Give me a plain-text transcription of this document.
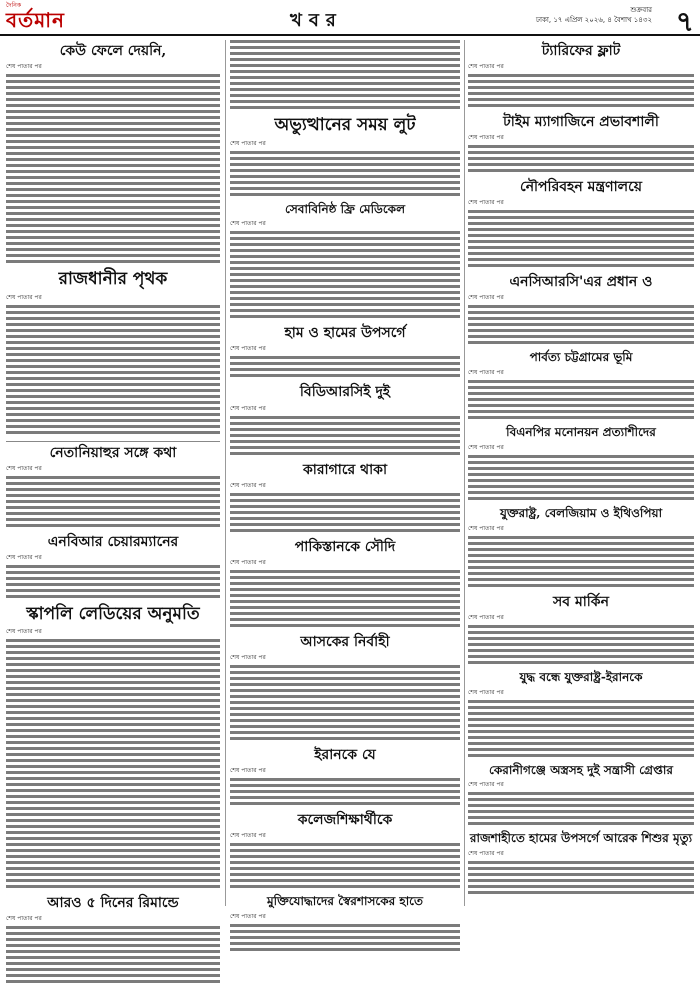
দৈনিক
বর্তমান	খবর	শুক্রবার
ঢাকা, ১৭ এপ্রিল ২০২৬, ৪ বৈশাখ ১৪৩২ ৭
কেউ ফেলে দেয়নি,
শেষ পাতার পর
রাজধানীর পৃথক
শেষ পাতার পর
নেতানিয়াহুর সঙ্গে কথা
শেষ পাতার পর
এনবিআর চেয়ারম্যানের
শেষ পাতার পর
স্কাপলি লেডিয়ের অনুমতি
শেষ পাতার পর
আরও ৫ দিনের রিমান্ডে
শেষ পাতার পর
অভ্যুত্থানের সময় লুট
শেষ পাতার পর
সেবাবিনিষ্ঠ ফ্রি মেডিকেল
শেষ পাতার পর
হাম ও হামের উপসর্গে
শেষ পাতার পর
বিডিআরসিই দুই
শেষ পাতার পর
কারাগারে থাকা
শেষ পাতার পর
পাকিস্তানকে সৌদি
শেষ পাতার পর
আসকের নির্বাহী
শেষ পাতার পর
ইরানকে যে
শেষ পাতার পর
কলেজশিক্ষার্থীকে
শেষ পাতার পর
মুক্তিযোদ্ধাদের স্বৈরশাসকের হাতে
শেষ পাতার পর
ট্যারিফের ফ্লাট
শেষ পাতার পর
টাইম ম্যাগাজিনে প্রভাবশালী
শেষ পাতার পর
নৌপরিবহন মন্ত্রণালয়ে
শেষ পাতার পর
এনসিআরসি'এর প্রধান ও
শেষ পাতার পর
পার্বত্য চট্টগ্রামের ভূমি
শেষ পাতার পর
বিএনপির মনোনয়ন প্রত্যাশীদের
শেষ পাতার পর
যুক্তরাষ্ট্র, বেলজিয়াম ও ইথিওপিয়া
শেষ পাতার পর
সব মার্কিন
শেষ পাতার পর
যুদ্ধ বন্ধে যুক্তরাষ্ট্র-ইরানকে
শেষ পাতার পর
কেরানীগঞ্জে অস্ত্রসহ দুই সন্ত্রাসী গ্রেপ্তার
শেষ পাতার পর
রাজশাহীতে হামের উপসর্গে আরেক শিশুর মৃত্যু
শেষ পাতার পর
